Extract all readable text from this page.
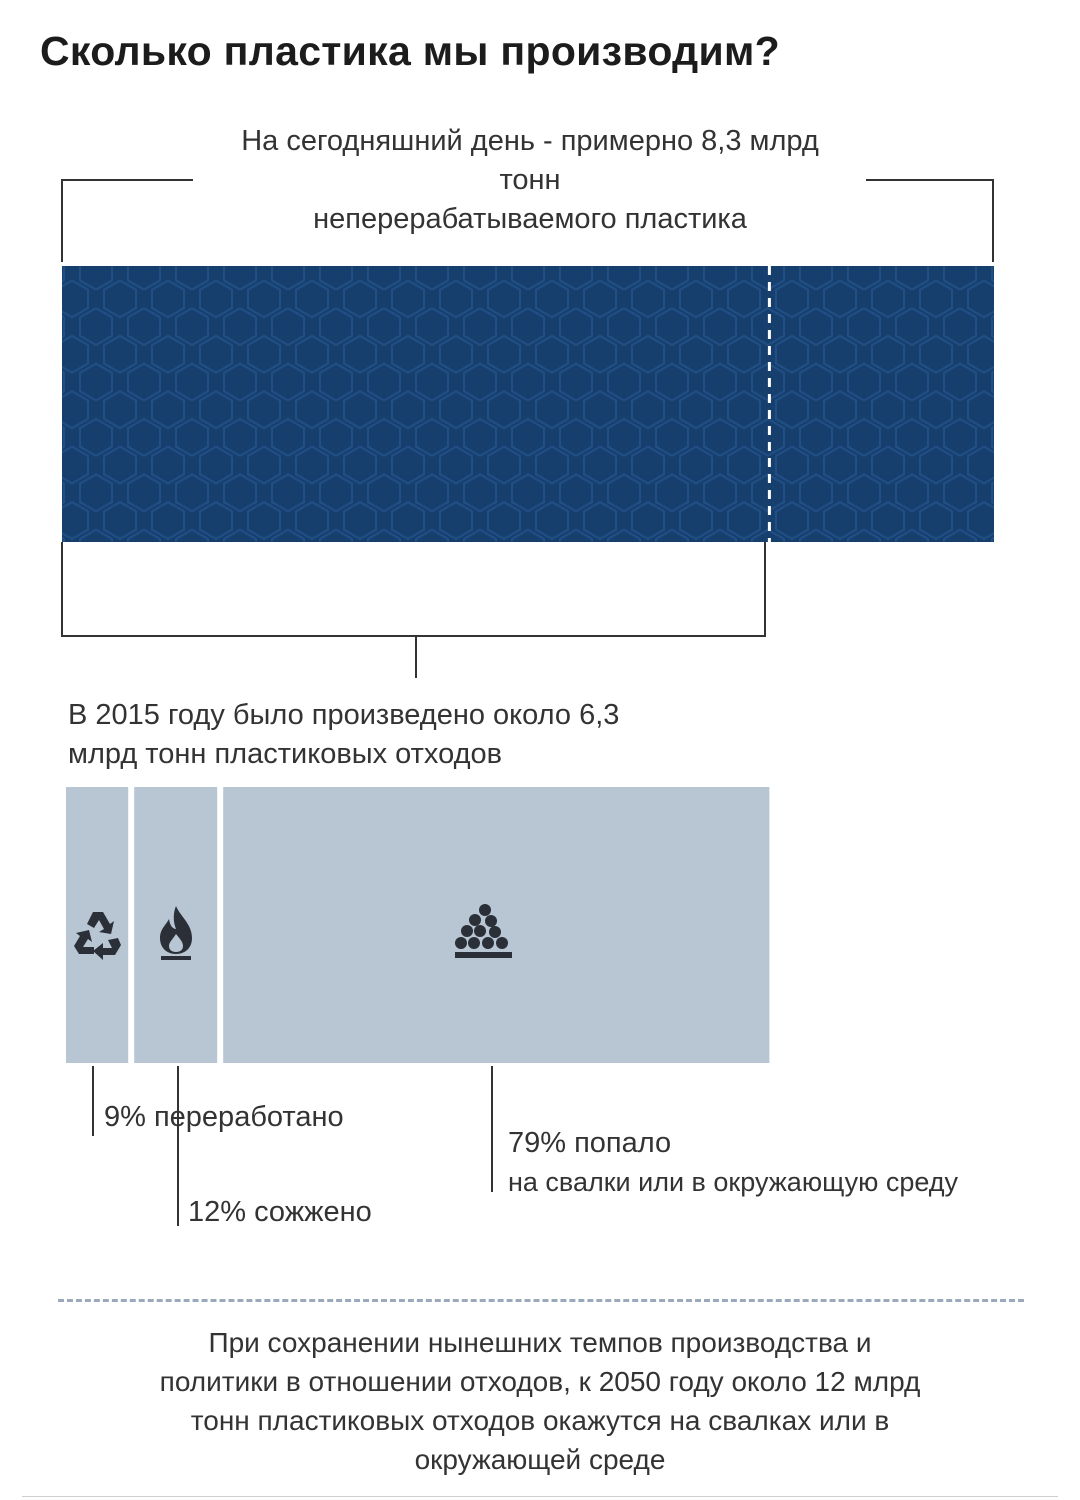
Сколько пластика мы производим?
На сегодняшний день - примерно 8,3 млрд
тонн
неперерабатываемого пластика
В 2015 году было произведено около 6,3
млрд тонн пластиковых отходов
9% переработано
12% сожжено
79% попало
на свалки или в окружающую среду
При сохранении нынешних темпов производства и
политики в отношении отходов, к 2050 году около 12 млрд
тонн пластиковых отходов окажутся на свалках или в
окружающей среде
